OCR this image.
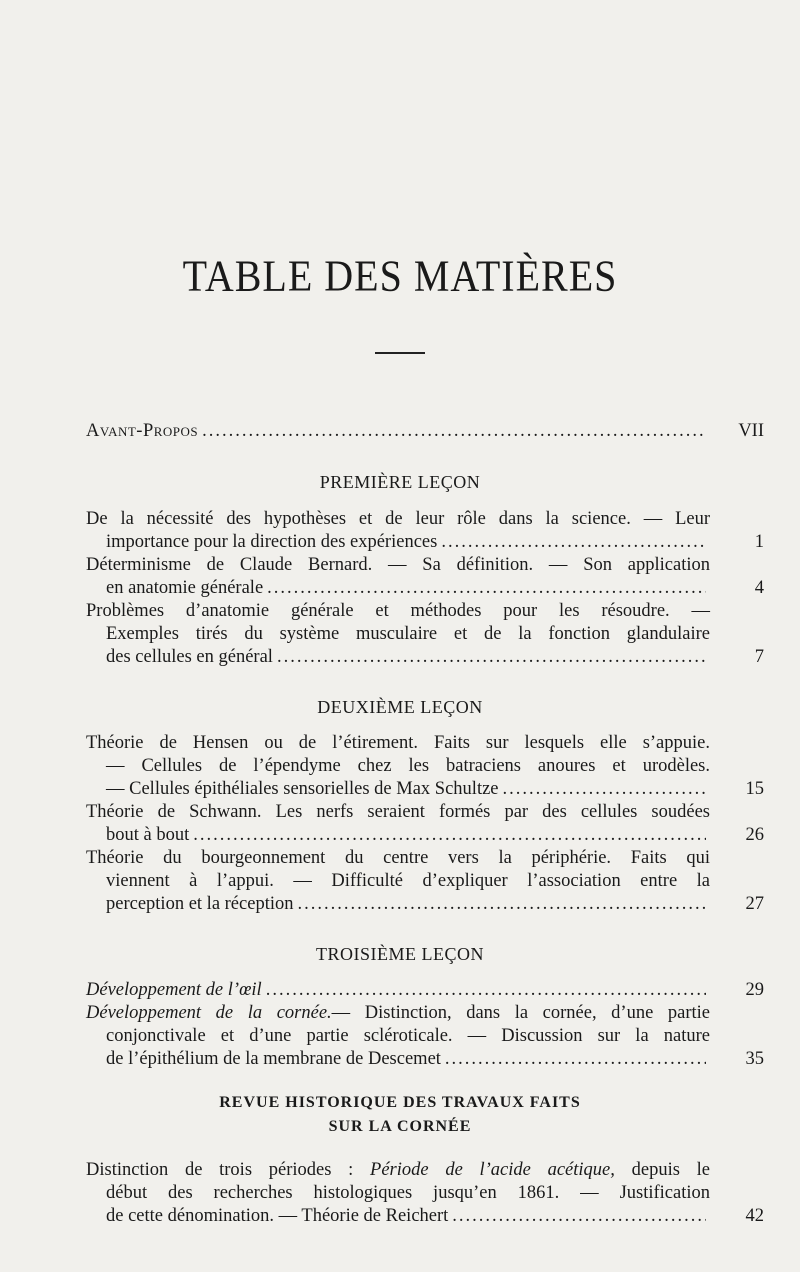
TABLE DES MATIÈRES
Avant-Propos .....	VII
PREMIÈRE LEÇON
De la nécessité des hypothèses et de leur rôle dans la science. — Leur
importance pour la direction des expériences .....	1
Déterminisme de Claude Bernard. — Sa définition. — Son application
en anatomie générale .....	4
Problèmes d’anatomie générale et méthodes pour les résoudre. —
Exemples tirés du système musculaire et de la fonction glandulaire
des cellules en général .....	7
DEUXIÈME LEÇON
Théorie de Hensen ou de l’étirement. Faits sur lesquels elle s’appuie.
— Cellules de l’épendyme chez les batraciens anoures et urodèles.
— Cellules épithéliales sensorielles de Max Schultze .....	15
Théorie de Schwann. Les nerfs seraient formés par des cellules soudées
bout à bout .....	26
Théorie du bourgeonnement du centre vers la périphérie. Faits qui
viennent à l’appui. — Difficulté d’expliquer l’association entre la
perception et la réception .....	27
TROISIÈME LEÇON
Développement de l’œil .....	29
Développement de la cornée.— Distinction, dans la cornée, d’une partie
conjonctivale et d’une partie scléroticale. — Discussion sur la nature
de l’épithélium de la membrane de Descemet .....	35
REVUE HISTORIQUE DES TRAVAUX FAITS
SUR LA CORNÉE
Distinction de trois périodes : Période de l’acide acétique, depuis le
début des recherches histologiques jusqu’en 1861. — Justification
de cette dénomination. — Théorie de Reichert .....	42
